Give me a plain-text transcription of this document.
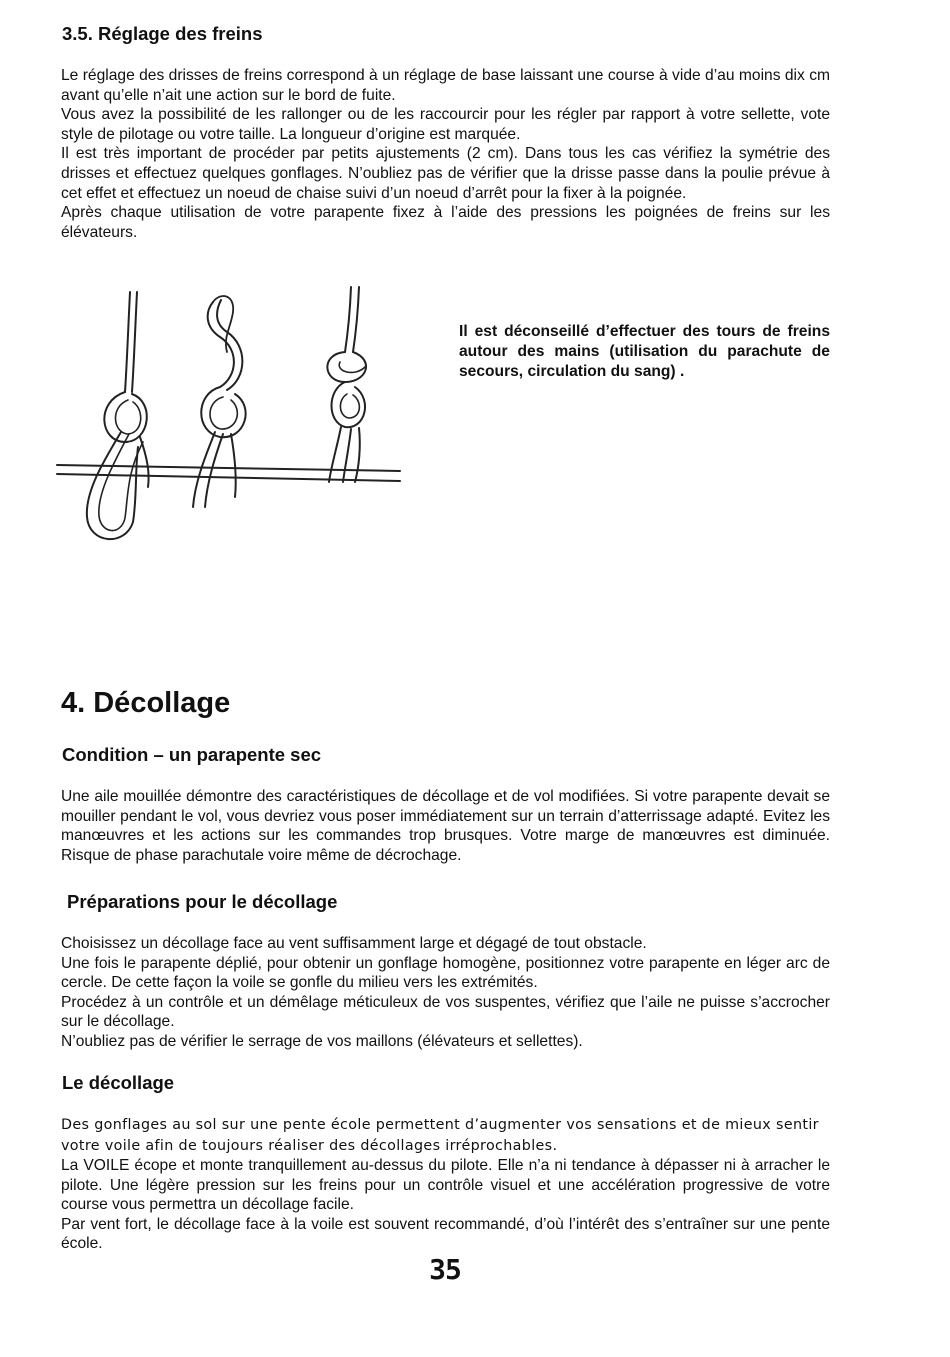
3.5. Réglage des freins

Le réglage des drisses de freins correspond à un réglage de base laissant une course à vide d’au moins dix cm avant qu’elle n’ait une action sur le bord de fuite.

Vous avez la possibilité de les rallonger ou de les raccourcir pour les régler par rapport à votre sellette, vote style de pilotage ou votre taille. La longueur d’origine est marquée.

Il est très important de procéder par petits ajustements (2 cm). Dans tous les cas vérifiez la symétrie des drisses et effectuez quelques gonflages. N’oubliez pas de vérifier que la drisse passe dans la poulie prévue à cet effet et effectuez un noeud de chaise suivi d’un noeud d’arrêt pour la fixer à la poignée.

Après chaque utilisation de votre parapente fixez à l’aide des pressions les poignées de freins sur les élévateurs.

Il est déconseillé d’effectuer des tours de freins autour des mains (utilisation du parachute de secours, circulation du sang) .
4. Décollage
Condition – un parapente sec

Une aile mouillée démontre des caractéristiques de décollage et de vol modifiées. Si votre parapente devait se mouiller pendant le vol, vous devriez vous poser immédiatement sur un terrain d’atterrissage adapté. Evitez les manœuvres et les actions sur les commandes trop brusques. Votre marge de manœuvres est diminuée. Risque de phase parachutale voire même de décrochage.

Préparations pour le décollage

Choisissez un décollage face au vent suffisamment large et dégagé de tout obstacle.

Une fois le parapente déplié, pour obtenir un gonflage homogène, positionnez votre parapente en léger arc de cercle. De cette façon la voile se gonfle du milieu vers les extrémités.

Procédez à un contrôle et un démêlage méticuleux de vos suspentes, vérifiez que l’aile ne puisse s’accrocher sur le décollage.

N’oubliez pas de vérifier le serrage de vos maillons (élévateurs et sellettes).

Le décollage

Des gonflages au sol sur une pente école permettent d’augmenter vos sensations et de mieux sentir votre voile afin de toujours réaliser des décollages irréprochables.

La VOILE écope et monte tranquillement au-dessus du pilote. Elle n’a ni tendance à dépasser ni à arracher le pilote. Une légère pression sur les freins pour un contrôle visuel et une accélération progressive de votre course vous permettra un décollage facile.

Par vent fort, le décollage face à la voile est souvent recommandé, d’où l’intérêt des s’entraîner sur une pente école.

35
